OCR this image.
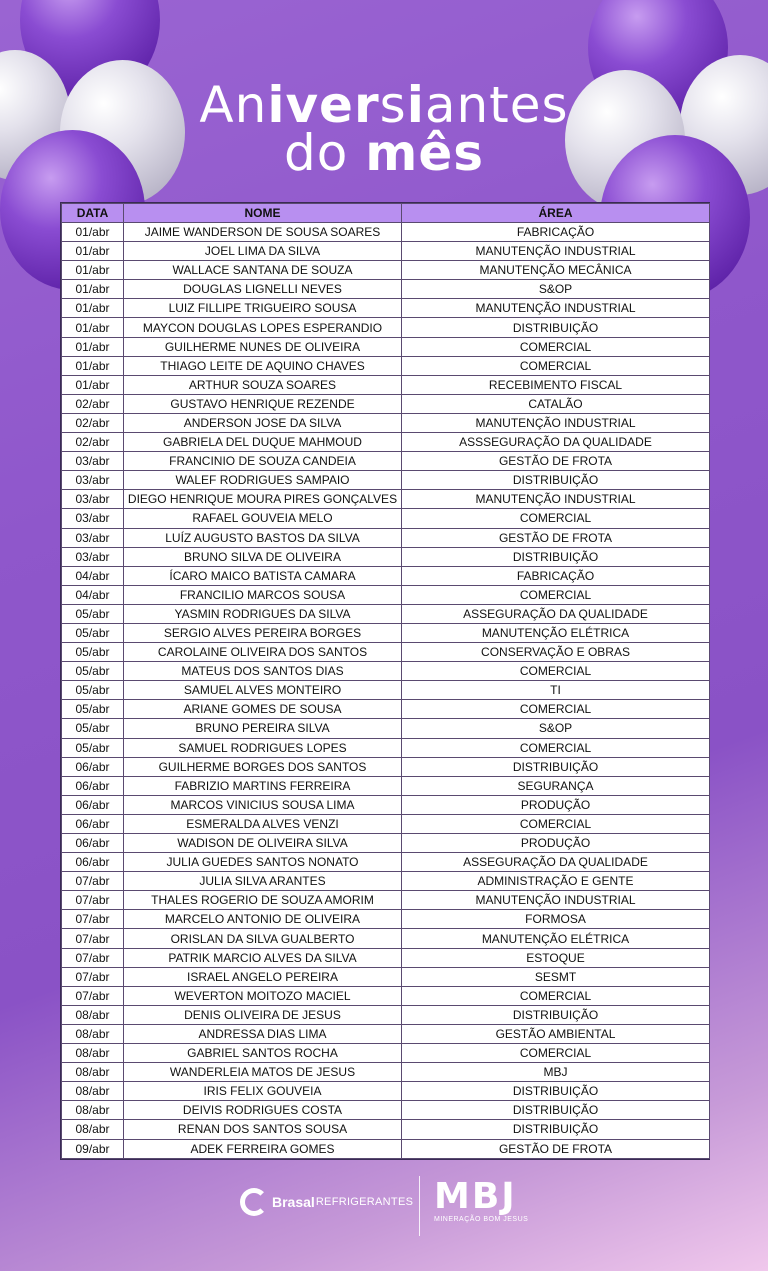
Aniversiantes
do mês
DATA	NOME	ÁREA
01/abr	JAIME WANDERSON DE SOUSA SOARES	FABRICAÇÃO
01/abr	JOEL LIMA DA SILVA	MANUTENÇÃO INDUSTRIAL
01/abr	WALLACE SANTANA DE SOUZA	MANUTENÇÃO MECÂNICA
01/abr	DOUGLAS LIGNELLI NEVES	S&OP
01/abr	LUIZ FILLIPE TRIGUEIRO SOUSA	MANUTENÇÃO INDUSTRIAL
01/abr	MAYCON DOUGLAS LOPES ESPERANDIO	DISTRIBUIÇÃO
01/abr	GUILHERME NUNES DE OLIVEIRA	COMERCIAL
01/abr	THIAGO LEITE DE AQUINO CHAVES	COMERCIAL
01/abr	ARTHUR SOUZA SOARES	RECEBIMENTO FISCAL
02/abr	GUSTAVO HENRIQUE REZENDE	CATALÃO
02/abr	ANDERSON JOSE DA SILVA	MANUTENÇÃO INDUSTRIAL
02/abr	GABRIELA DEL DUQUE MAHMOUD	ASSSEGURAÇÃO DA QUALIDADE
03/abr	FRANCINIO DE SOUZA CANDEIA	GESTÃO DE FROTA
03/abr	WALEF RODRIGUES SAMPAIO	DISTRIBUIÇÃO
03/abr	DIEGO HENRIQUE MOURA PIRES GONÇALVES	MANUTENÇÃO INDUSTRIAL
03/abr	RAFAEL GOUVEIA MELO	COMERCIAL
03/abr	LUÍZ AUGUSTO BASTOS DA SILVA	GESTÃO DE FROTA
03/abr	BRUNO SILVA DE OLIVEIRA	DISTRIBUIÇÃO
04/abr	ÍCARO MAICO BATISTA CAMARA	FABRICAÇÃO
04/abr	FRANCILIO MARCOS SOUSA	COMERCIAL
05/abr	YASMIN RODRIGUES DA SILVA	ASSEGURAÇÃO DA QUALIDADE
05/abr	SERGIO ALVES PEREIRA BORGES	MANUTENÇÃO ELÉTRICA
05/abr	CAROLAINE OLIVEIRA DOS SANTOS	CONSERVAÇÃO E OBRAS
05/abr	MATEUS DOS SANTOS DIAS	COMERCIAL
05/abr	SAMUEL ALVES MONTEIRO	TI
05/abr	ARIANE GOMES DE SOUSA	COMERCIAL
05/abr	BRUNO PEREIRA SILVA	S&OP
05/abr	SAMUEL RODRIGUES LOPES	COMERCIAL
06/abr	GUILHERME BORGES DOS SANTOS	DISTRIBUIÇÃO
06/abr	FABRIZIO MARTINS FERREIRA	SEGURANÇA
06/abr	MARCOS VINICIUS SOUSA LIMA	PRODUÇÃO
06/abr	ESMERALDA ALVES VENZI	COMERCIAL
06/abr	WADISON DE OLIVEIRA SILVA	PRODUÇÃO
06/abr	JULIA GUEDES SANTOS NONATO	ASSEGURAÇÃO DA QUALIDADE
07/abr	JULIA SILVA ARANTES	ADMINISTRAÇÃO E GENTE
07/abr	THALES ROGERIO DE SOUZA AMORIM	MANUTENÇÃO INDUSTRIAL
07/abr	MARCELO ANTONIO DE OLIVEIRA	FORMOSA
07/abr	ORISLAN DA SILVA GUALBERTO	MANUTENÇÃO ELÉTRICA
07/abr	PATRIK MARCIO ALVES DA SILVA	ESTOQUE
07/abr	ISRAEL ANGELO PEREIRA	SESMT
07/abr	WEVERTON MOITOZO MACIEL	COMERCIAL
08/abr	DENIS OLIVEIRA DE JESUS	DISTRIBUIÇÃO
08/abr	ANDRESSA DIAS LIMA	GESTÃO AMBIENTAL
08/abr	GABRIEL SANTOS ROCHA	COMERCIAL
08/abr	WANDERLEIA MATOS DE JESUS	MBJ
08/abr	IRIS FELIX GOUVEIA	DISTRIBUIÇÃO
08/abr	DEIVIS RODRIGUES COSTA	DISTRIBUIÇÃO
08/abr	RENAN DOS SANTOS SOUSA	DISTRIBUIÇÃO
09/abr	ADEK FERREIRA GOMES	GESTÃO DE FROTA
Brasal REFRIGERANTES MBJ
MINERAÇÃO BOM JESUS
